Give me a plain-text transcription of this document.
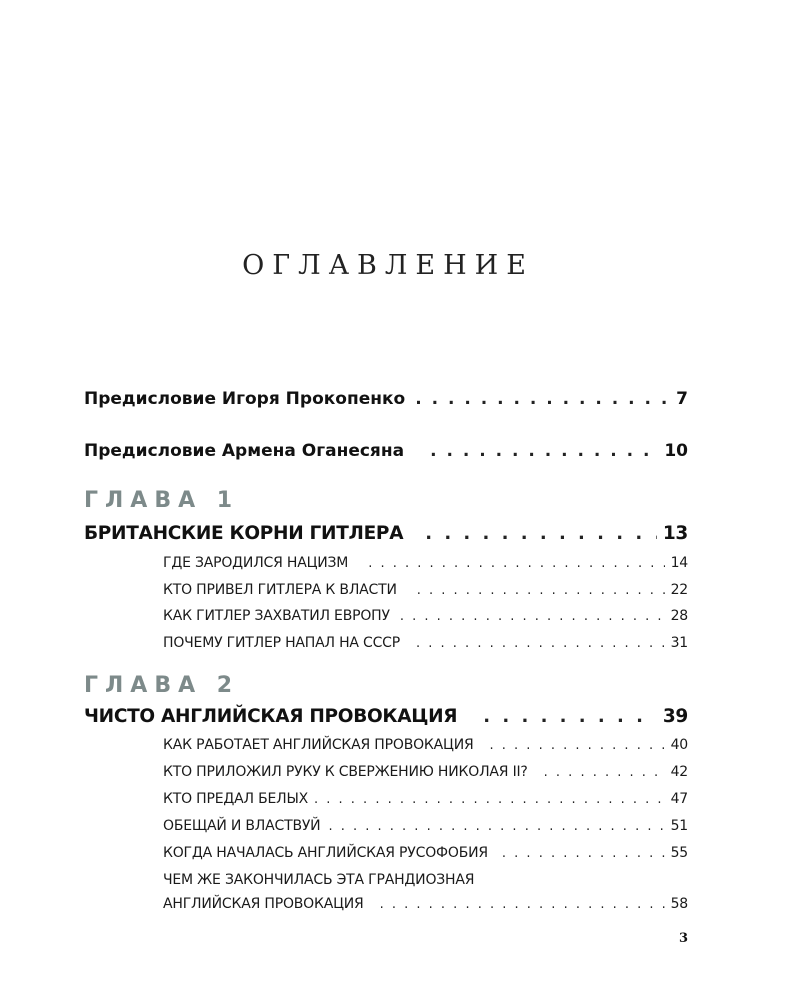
ОГЛАВЛЕНИЕ
Предисловие Игоря Прокопенко . . .	7
Предисловие Армена Оганесяна . . .	10
ГЛАВА 1
БРИТАНСКИЕ КОРНИ ГИТЛЕРА . . .	13
ГДЕ ЗАРОДИЛСЯ НАЦИЗМ . . .	14
КТО ПРИВЕЛ ГИТЛЕРА К ВЛАСТИ . . .	22
КАК ГИТЛЕР ЗАХВАТИЛ ЕВРОПУ . . .	28
ПОЧЕМУ ГИТЛЕР НАПАЛ НА СССР . . .	31
ГЛАВА 2
ЧИСТО АНГЛИЙСКАЯ ПРОВОКАЦИЯ . . .	39
КАК РАБОТАЕТ АНГЛИЙСКАЯ ПРОВОКАЦИЯ . . .	40
КТО ПРИЛОЖИЛ РУКУ К СВЕРЖЕНИЮ НИКОЛАЯ II? . . .	42
КТО ПРЕДАЛ БЕЛЫХ . . .	47
ОБЕЩАЙ И ВЛАСТВУЙ . . .	51
КОГДА НАЧАЛАСЬ АНГЛИЙСКАЯ РУСОФОБИЯ . . .	55
ЧЕМ ЖЕ ЗАКОНЧИЛАСЬ ЭТА ГРАНДИОЗНАЯ
АНГЛИЙСКАЯ ПРОВОКАЦИЯ . . .	58
3
